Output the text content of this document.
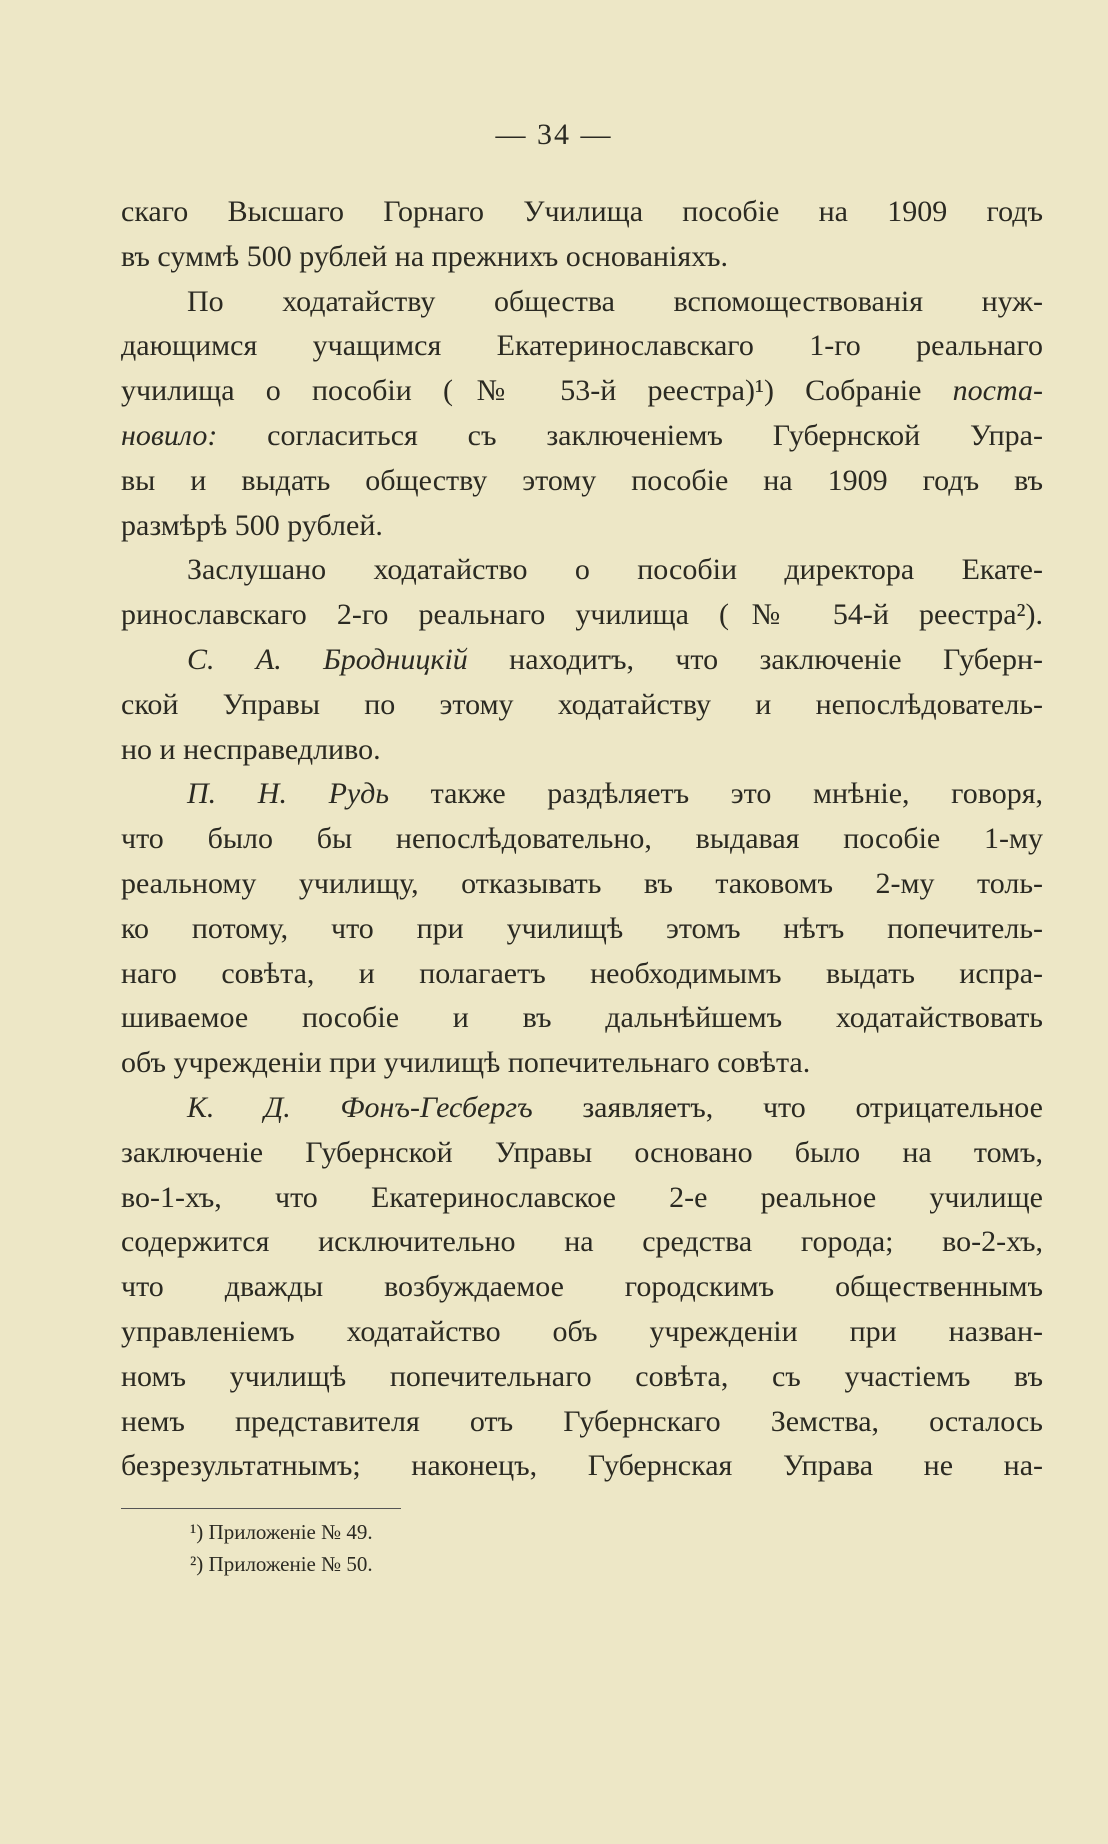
— 34 —
скаго Высшаго Горнаго Училища пособіе на 1909 годъ
въ суммѣ 500 рублей на прежнихъ основаніяхъ.
По ходатайству общества вспомоществованія нуж-
дающимся учащимся Екатеринославскаго 1-го реальнаго
училища о пособіи (№ 53-й реестра)¹) Собраніе поста-
новило: согласиться съ заключеніемъ Губернской Упра-
вы и выдать обществу этому пособіе на 1909 годъ въ
размѣрѣ 500 рублей.
Заслушано ходатайство о пособіи директора Екате-
ринославскаго 2-го реальнаго училища (№ 54-й реестра²).
С. А. Бродницкій находитъ, что заключеніе Губерн-
ской Управы по этому ходатайству и непослѣдователь-
но и несправедливо.
П. Н. Рудь также раздѣляетъ это мнѣніе, говоря,
что было бы непослѣдовательно, выдавая пособіе 1-му
реальному училищу, отказывать въ таковомъ 2-му толь-
ко потому, что при училищѣ этомъ нѣтъ попечитель-
наго совѣта, и полагаетъ необходимымъ выдать испра-
шиваемое пособіе и въ дальнѣйшемъ ходатайствовать
объ учрежденіи при училищѣ попечительнаго совѣта.
К. Д. Фонъ-Гесбергъ заявляетъ, что отрицательное
заключеніе Губернской Управы основано было на томъ,
во-1-хъ, что Екатеринославское 2-е реальное училище
содержится исключительно на средства города; во-2-хъ,
что дважды возбуждаемое городскимъ общественнымъ
управленіемъ ходатайство объ учрежденіи при назван-
номъ училищѣ попечительнаго совѣта, съ участіемъ въ
немъ представителя отъ Губернскаго Земства, осталось
безрезультатнымъ; наконецъ, Губернская Управа не на-
¹) Приложеніе № 49.
²) Приложеніе № 50.
